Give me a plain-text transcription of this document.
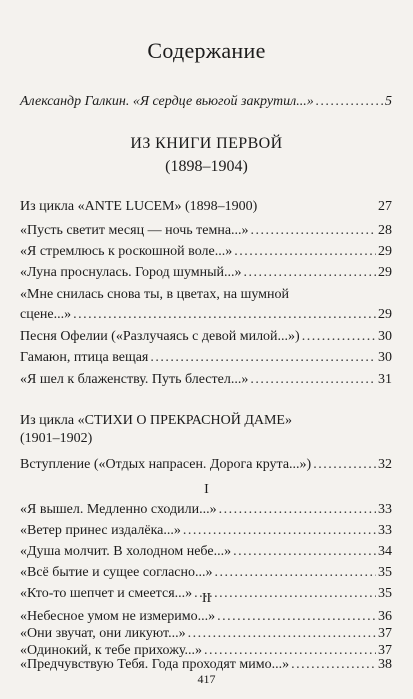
Содержание
Александр Галкин. «Я сердце вьюгой закрутил...» . . .	5
ИЗ КНИГИ ПЕРВОЙ
(1898–1904)
Из цикла «ANTE LUCEM» (1898–1900)	27
«Пусть светит месяц — ночь темна...» . . .	28
«Я стремлюсь к роскошной воле...» . . .	29
«Луна проснулась. Город шумный...» . . .	29
«Мне снилась снова ты, в цветах, на шумной
сцене...» . . .	29
Песня Офелии («Разлучаясь с девой милой...») . . .	30
Гамаюн, птица вещая . . .	30
«Я шел к блаженству. Путь блестел...» . . .	31
Из цикла «СТИХИ О ПРЕКРАСНОЙ ДАМЕ»
(1901–1902)
Вступление («Отдых напрасен. Дорога крута...») . . .	32
I
«Я вышел. Медленно сходили...» . . .	33
«Ветер принес издалёка...» . . .	33
«Душа молчит. В холодном небе...» . . .	34
«Всё бытие и сущее согласно...» . . .	35
«Кто-то шепчет и смеется...» . . .	35
II
«Небесное умом не измеримо...» . . .	36
«Они звучат, они ликуют...» . . .	37
417
«Одинокий, к тебе прихожу...» . . .	37
«Предчувствую Тебя. Года проходят мимо...» . . .	38
